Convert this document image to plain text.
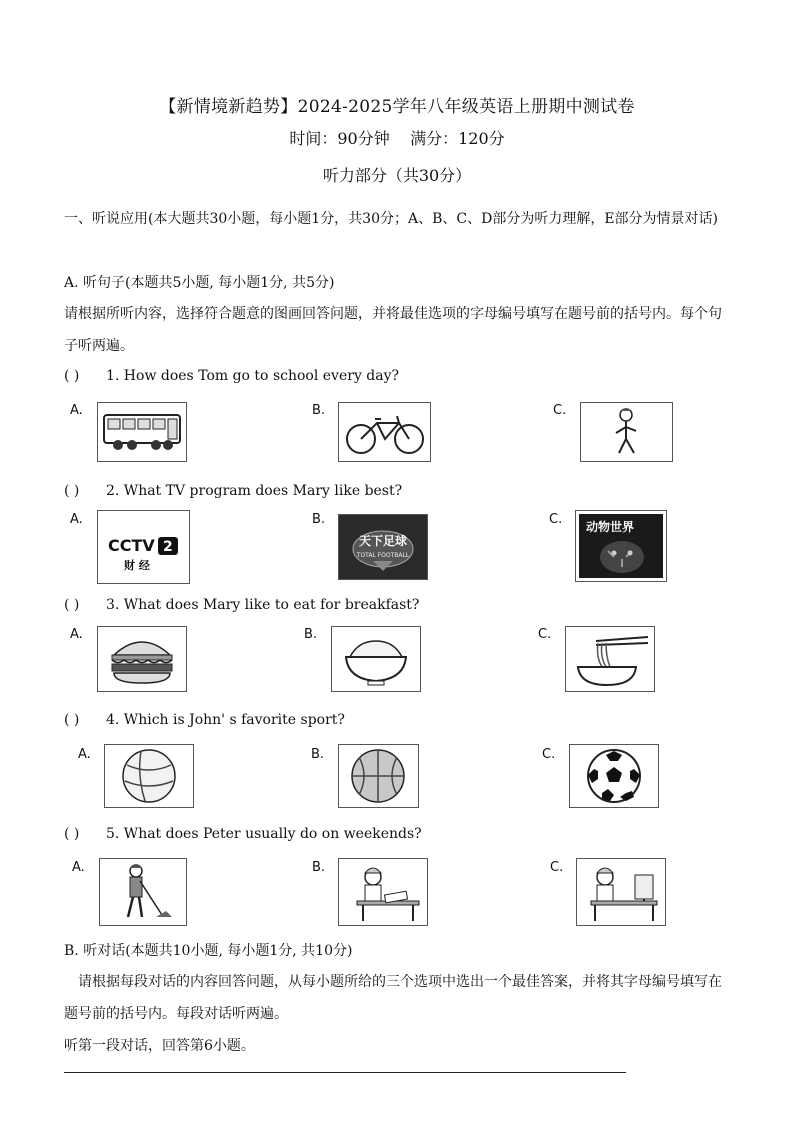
【新情境新趋势】2024-2025学年八年级英语上册期中测试卷
时间：90分钟    满分：120分
听力部分（共30分）
一、听说应用(本大题共30小题，每小题1分，共30分；A、B、C、D部分为听力理解，E部分为情景对话)
A. 听句子(本题共5小题, 每小题1分, 共5分)
请根据所听内容，选择符合题意的图画回答问题，并将最佳选项的字母编号填写在题号前的括号内。每个句子听两遍。
( ) 1. How does Tom go to school every day?
A.	B.	C.
( ) 2. What TV program does Mary like best?
A.
CCTV 2
财 经
B.
天下足球
TOTAL FOOTBALL
C. 动物世界
( ) 3. What does Mary like to eat for breakfast?
A.	B.	C.
( ) 4. Which is John' s favorite sport?
A.	B.	C.
( ) 5. What does Peter usually do on weekends?
A.	B.	C.
B. 听对话(本题共10小题, 每小题1分, 共10分)
请根据每段对话的内容回答问题，从每小题所给的三个选项中选出一个最佳答案，并将其字母编号填写在题号前的括号内。每段对话听两遍。
听第一段对话，回答第6小题。
